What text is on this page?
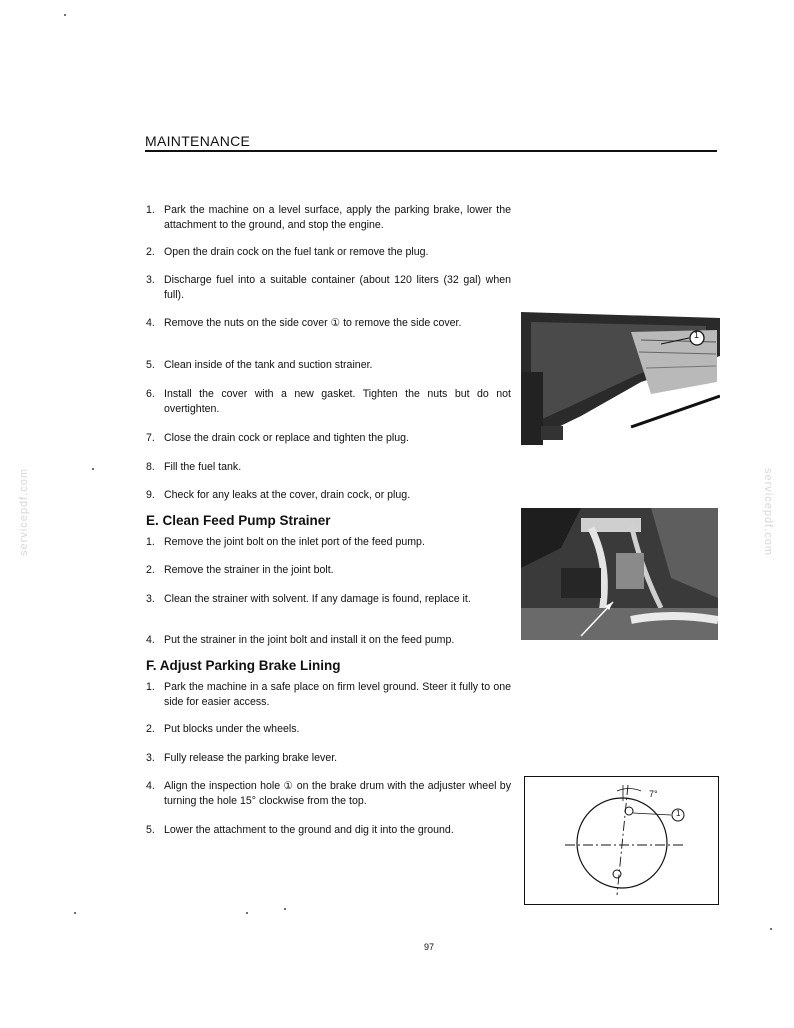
MAINTENANCE
servicepdf.com	servicepdf.com
1. Park the machine on a level surface, apply the parking brake, lower the attachment to the ground, and stop the engine.
2. Open the drain cock on the fuel tank or remove the plug.
3. Discharge fuel into a suitable container (about 120 liters (32 gal) when full).
4. Remove the nuts on the side cover ① to remove the side cover.
5. Clean inside of the tank and suction strainer.
6. Install the cover with a new gasket. Tighten the nuts but do not overtighten.
7. Close the drain cock or replace and tighten the plug.
8. Fill the fuel tank.
9. Check for any leaks at the cover, drain cock, or plug.
E. Clean Feed Pump Strainer
1. Remove the joint bolt on the inlet port of the feed pump.
2. Remove the strainer in the joint bolt.
3. Clean the strainer with solvent. If any damage is found, replace it.
4. Put the strainer in the joint bolt and install it on the feed pump.
F. Adjust Parking Brake Lining
1. Park the machine in a safe place on firm level ground. Steer it fully to one side for easier access.
2. Put blocks under the wheels.
3. Fully release the parking brake lever.
4. Align the inspection hole ① on the brake drum with the adjuster wheel by turning the hole 15° clockwise from the top.
5. Lower the attachment to the ground and dig it into the ground.
1
7°
1
97
